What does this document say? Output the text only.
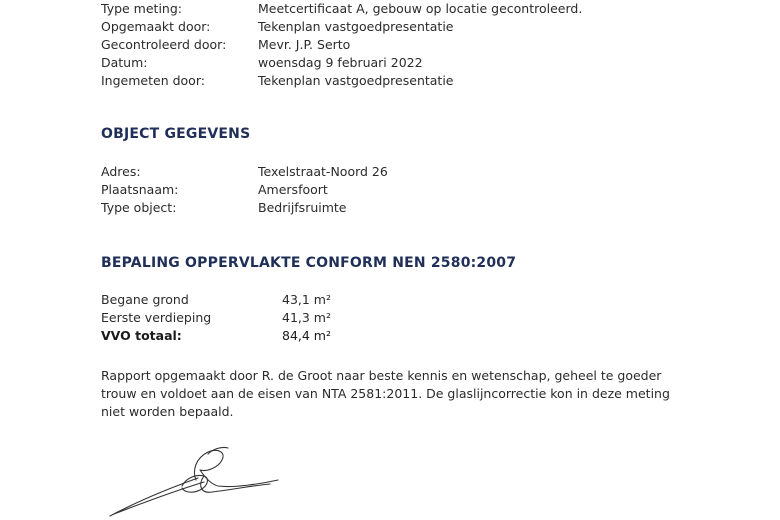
Type meting:	Meetcertificaat A, gebouw op locatie gecontroleerd.
Opgemaakt door:	Tekenplan vastgoedpresentatie
Gecontroleerd door:	Mevr. J.P. Serto
Datum:	woensdag 9 februari 2022
Ingemeten door:	Tekenplan vastgoedpresentatie
OBJECT GEGEVENS
Adres:	Texelstraat-Noord 26
Plaatsnaam:	Amersfoort
Type object:	Bedrijfsruimte
BEPALING OPPERVLAKTE CONFORM NEN 2580:2007
Begane grond	43,1 m²
Eerste verdieping	41,3 m²
VVO totaal:	84,4 m²
Rapport opgemaakt door R. de Groot naar beste kennis en wetenschap, geheel te goeder
trouw en voldoet aan de eisen van NTA 2581:2011. De glaslijncorrectie kon in deze meting
niet worden bepaald.
